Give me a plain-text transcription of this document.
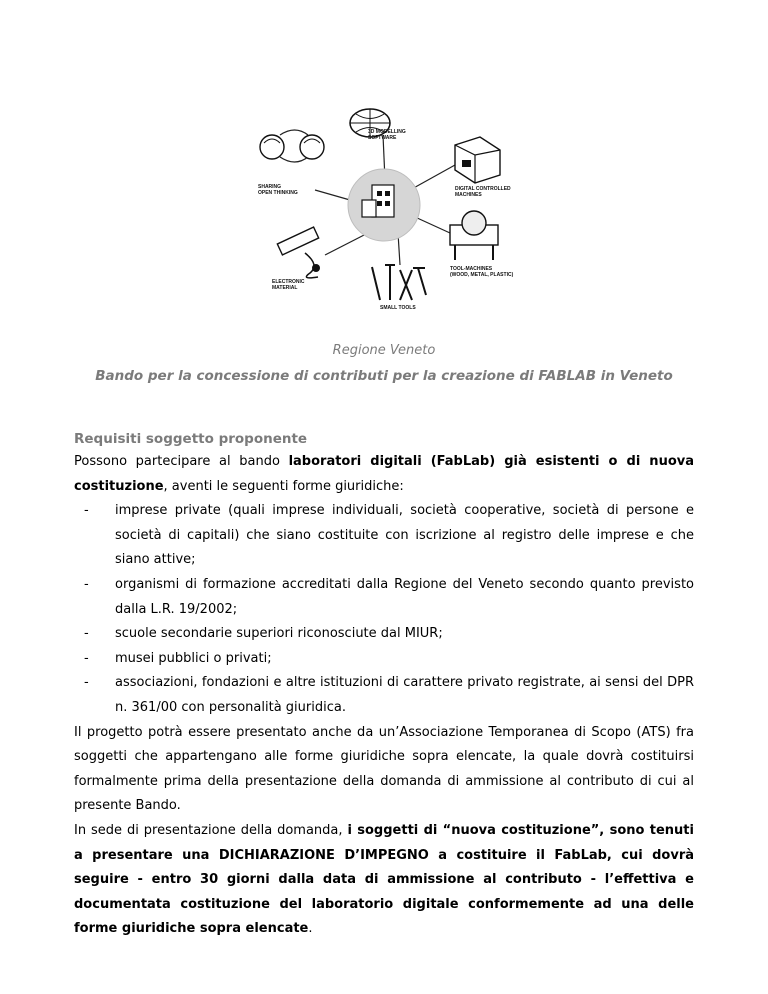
3D MODELLING
SOFTWARE
DIGITAL CONTROLLED
MACHINES
TOOL-MACHINES
(WOOD, METAL, PLASTIC)
SMALL TOOLS
ELECTRONIC
MATERIAL
SHARING
OPEN THINKING
Regione Veneto
Bando per la concessione di contributi per la creazione di FABLAB in Veneto
Requisiti soggetto proponente

Possono partecipare al bando laboratori digitali (FabLab) già esistenti o di nuova costituzione, aventi le seguenti forme giuridiche:

- imprese private (quali imprese individuali, società cooperative, società di persone e società di capitali) che siano costituite con iscrizione al registro delle imprese e che siano attive;
- organismi di formazione accreditati dalla Regione del Veneto secondo quanto previsto dalla L.R. 19/2002;
- scuole secondarie superiori riconosciute dal MIUR;
- musei pubblici o privati;
- associazioni, fondazioni e altre istituzioni di carattere privato registrate, ai sensi del DPR n. 361/00 con personalità giuridica.

Il progetto potrà essere presentato anche da un’Associazione Temporanea di Scopo (ATS) fra soggetti che appartengano alle forme giuridiche sopra elencate, la quale dovrà costituirsi formalmente prima della presentazione della domanda di ammissione al contributo di cui al presente Bando.

In sede di presentazione della domanda, i soggetti di “nuova costituzione”, sono tenuti a presentare una DICHIARAZIONE D’IMPEGNO a costituire il FabLab, cui dovrà seguire - entro 30 giorni dalla data di ammissione al contributo - l’effettiva e documentata costituzione del laboratorio digitale conformemente ad una delle forme giuridiche sopra elencate.
